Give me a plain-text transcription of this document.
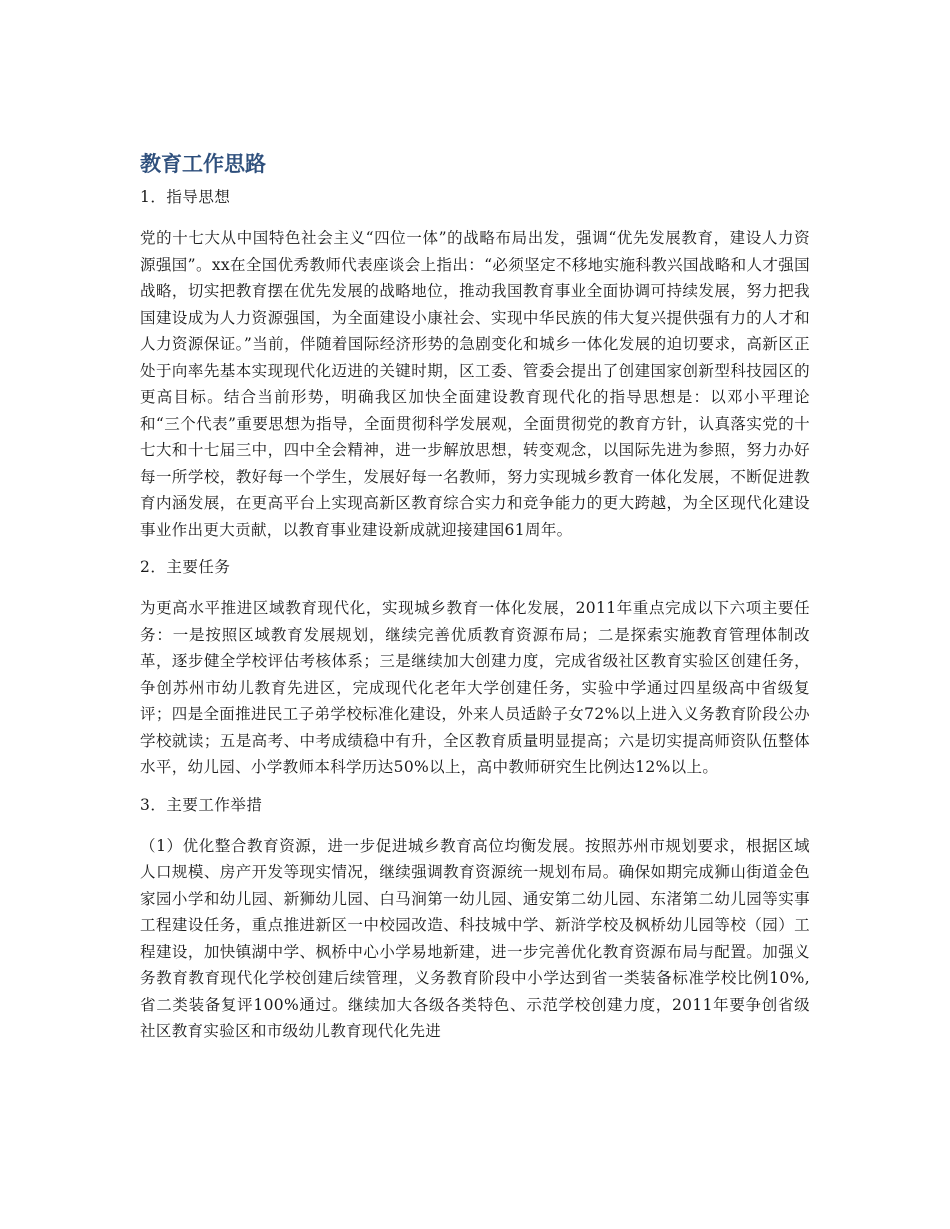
教育工作思路

1．指导思想

党的十七大从中国特色社会主义“四位一体”的战略布局出发，强调“优先发展教育，建设人力资源强国”。xx在全国优秀教师代表座谈会上指出：“必须坚定不移地实施科教兴国战略和人才强国战略，切实把教育摆在优先发展的战略地位，推动我国教育事业全面协调可持续发展，努力把我国建设成为人力资源强国，为全面建设小康社会、实现中华民族的伟大复兴提供强有力的人才和人力资源保证。”当前，伴随着国际经济形势的急剧变化和城乡一体化发展的迫切要求，高新区正处于向率先基本实现现代化迈进的关键时期，区工委、管委会提出了创建国家创新型科技园区的更高目标。结合当前形势，明确我区加快全面建设教育现代化的指导思想是：以邓小平理论和“三个代表”重要思想为指导，全面贯彻科学发展观，全面贯彻党的教育方针，认真落实党的十七大和十七届三中，四中全会精神，进一步解放思想，转变观念，以国际先进为参照，努力办好每一所学校，教好每一个学生，发展好每一名教师，努力实现城乡教育一体化发展，不断促进教育内涵发展，在更高平台上实现高新区教育综合实力和竞争能力的更大跨越，为全区现代化建设事业作出更大贡献，以教育事业建设新成就迎接建国61周年。

2．主要任务

为更高水平推进区域教育现代化，实现城乡教育一体化发展，2011年重点完成以下六项主要任务：一是按照区域教育发展规划，继续完善优质教育资源布局；二是探索实施教育管理体制改革，逐步健全学校评估考核体系；三是继续加大创建力度，完成省级社区教育实验区创建任务，争创苏州市幼儿教育先进区，完成现代化老年大学创建任务，实验中学通过四星级高中省级复评；四是全面推进民工子弟学校标准化建设，外来人员适龄子女72%以上进入义务教育阶段公办学校就读；五是高考、中考成绩稳中有升，全区教育质量明显提高；六是切实提高师资队伍整体水平，幼儿园、小学教师本科学历达50%以上，高中教师研究生比例达12%以上。

3．主要工作举措

（1）优化整合教育资源，进一步促进城乡教育高位均衡发展。按照苏州市规划要求，根据区域人口规模、房产开发等现实情况，继续强调教育资源统一规划布局。确保如期完成狮山街道金色家园小学和幼儿园、新狮幼儿园、白马涧第一幼儿园、通安第二幼儿园、东渚第二幼儿园等实事工程建设任务，重点推进新区一中校园改造、科技城中学、新浒学校及枫桥幼儿园等校（园）工程建设，加快镇湖中学、枫桥中心小学易地新建，进一步完善优化教育资源布局与配置。加强义务教育教育现代化学校创建后续管理，义务教育阶段中小学达到省一类装备标准学校比例10%,省二类装备复评100%通过。继续加大各级各类特色、示范学校创建力度，2011年要争创省级社区教育实验区和市级幼儿教育现代化先进
